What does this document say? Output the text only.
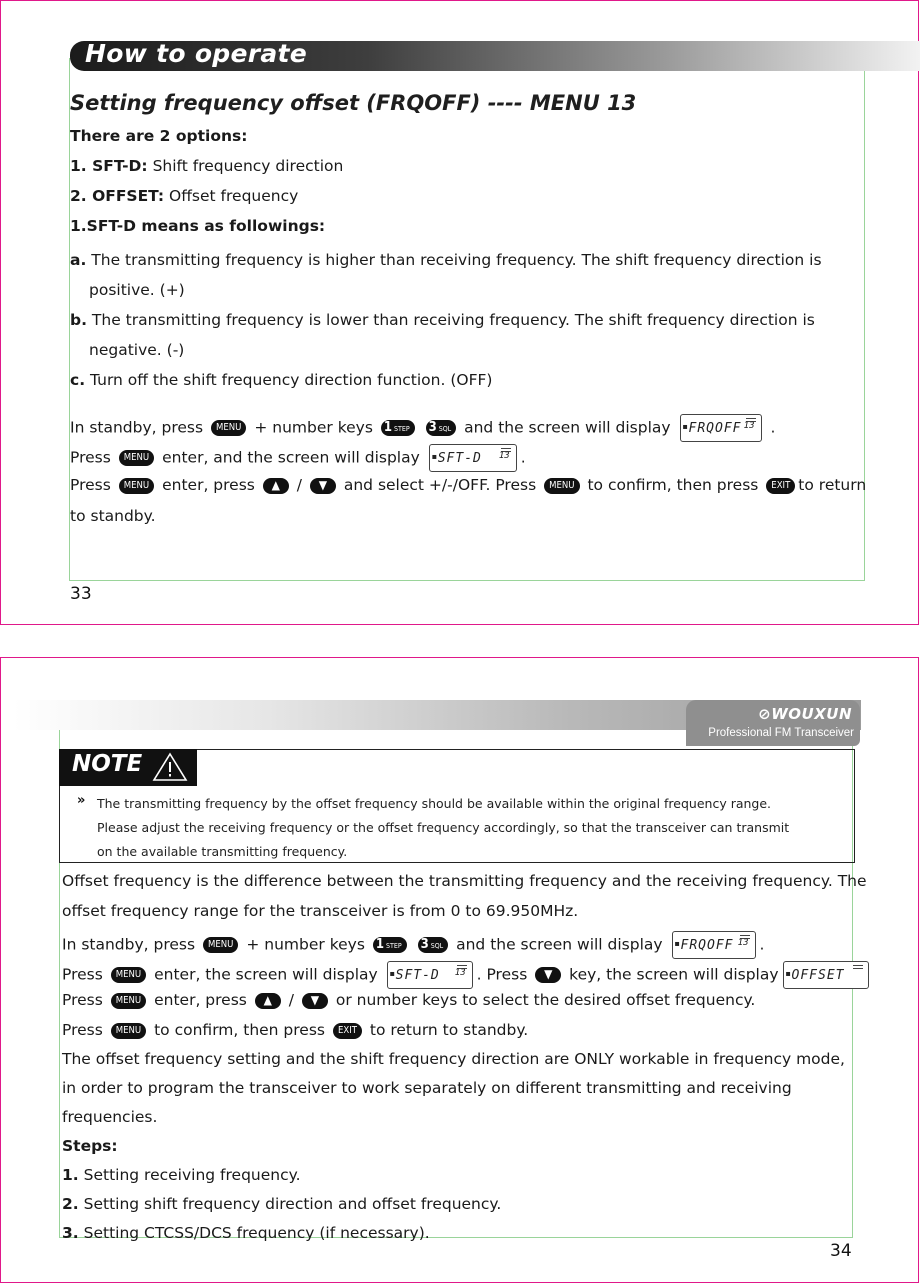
How to operate
Setting frequency offset (FRQOFF) ---- MENU 13
There are 2 options:
1. SFT-D: Shift frequency direction
2. OFFSET: Offset frequency
1.SFT-D means as followings:
a. The transmitting frequency is higher than receiving frequency. The shift frequency direction is
positive. (+)
b. The transmitting frequency is lower than receiving frequency. The shift frequency direction is
negative. (-)
c. Turn off the shift frequency direction function. (OFF)
In standby, press MENU + number keys 1 STEP 3 SQL and the screen will display ▪ FRQOFF 13 .
Press MENU enter, and the screen will display ▪ SFT-D 13 .
Press MENU enter, press ▲ / ▼ and select +/-/OFF. Press MENU to confirm, then press EXIT to return
to standby.
33
⊘WOUXUN
Professional FM Transceiver
NOTE
» The transmitting frequency by the offset frequency should be available within the original frequency range.
Please adjust the receiving frequency or the offset frequency accordingly, so that the transceiver can transmit
on the available transmitting frequency.
Offset frequency is the difference between the transmitting frequency and the receiving frequency. The
offset frequency range for the transceiver is from 0 to 69.950MHz.
In standby, press MENU + number keys 1 STEP 3 SQL and the screen will display ▪ FRQOFF 13 .
Press MENU enter, the screen will display ▪ SFT-D 13 . Press ▼ key, the screen will display ▪ OFFSET
Press MENU enter, press ▲ / ▼ or number keys to select the desired offset frequency.
Press MENU to confirm, then press EXIT to return to standby.
The offset frequency setting and the shift frequency direction are ONLY workable in frequency mode,
in order to program the transceiver to work separately on different transmitting and receiving
frequencies.
Steps:
1. Setting receiving frequency.
2. Setting shift frequency direction and offset frequency.
3. Setting CTCSS/DCS frequency (if necessary).
34
